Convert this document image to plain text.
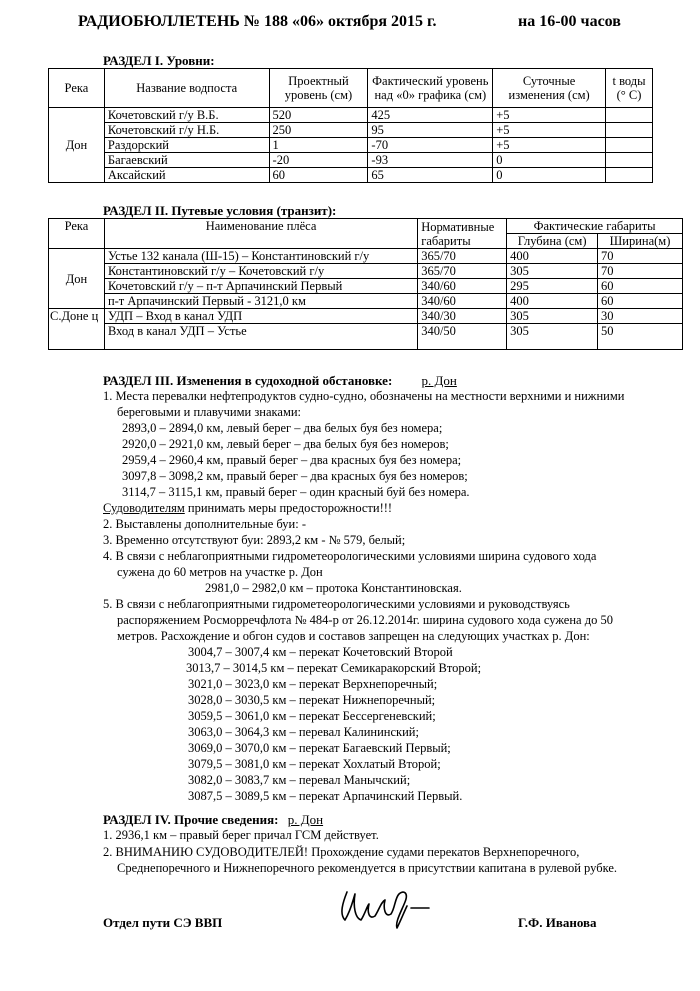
РАДИОБЮЛЛЕТЕНЬ № 188 «06» октября 2015 г.	на 16-00 часов
РАЗДЕЛ I. Уровни:
Река	Название водпоста	Проектный уровень (см)	Фактический уровень над «0» графика (см)	Суточные изменения (см)	t воды (° С)
Дон	Кочетовский г/у В.Б.	520	425	+5	
	Кочетовский г/у Н.Б.	250	95	+5	
	Раздорский	1	-70	+5	
	Багаевский	-20	-93	0	
	Аксайский	60	65	0	
РАЗДЕЛ II. Путевые условия (транзит):
Река	Наименование плёса	Нормативные габариты	Фактические габариты	
			Глубина (см)	Ширина(м)
Дон	Устье 132 канала (Ш-15) – Константиновский г/у	365/70	400	70
	Константиновский г/у – Кочетовский г/у	365/70	305	70
	Кочетовский г/у – п-т Арпачинский Первый	340/60	295	60
	п-т Арпачинский Первый - 3121,0 км	340/60	400	60
С.Доне ц	УДП – Вход в канал УДП	340/30	305	30
	Вход в канал УДП – Устье	340/50	305	50
РАЗДЕЛ III. Изменения в судоходной обстановке: р. Дон
1. Места перевалки нефтепродуктов судно-судно, обозначены на местности верхними и нижними
береговыми и плавучими знаками:
2893,0 – 2894,0 км, левый берег – два белых буя без номера;
2920,0 – 2921,0 км, левый берег – два белых буя без номеров;
2959,4 – 2960,4 км, правый берег – два красных буя без номера;
3097,8 – 3098,2 км, правый берег – два красных буя без номеров;
3114,7 – 3115,1 км, правый берег – один красный буй без номера.
Судоводителям принимать меры предосторожности!!!
2. Выставлены дополнительные буи: -
3. Временно отсутствуют буи: 2893,2 км - № 579, белый;
4. В связи с неблагоприятными гидрометеорологическими условиями ширина судового хода
сужена до 60 метров на участке р. Дон
2981,0 – 2982,0 км – протока Константиновская.
5. В связи с неблагоприятными гидрометеорологическими условиями и руководствуясь
распоряжением Росморречфлота № 484-р от 26.12.2014г. ширина судового хода сужена до 50
метров. Расхождение и обгон судов и составов запрещен на следующих участках р. Дон:
3004,7 – 3007,4 км – перекат Кочетовский Второй
3013,7 – 3014,5 км – перекат Семикаракорский Второй;
3021,0 – 3023,0 км – перекат Верхнепоречный;
3028,0 – 3030,5 км – перекат Нижнепоречный;
3059,5 – 3061,0 км – перекат Бессергеневский;
3063,0 – 3064,3 км – перевал Калининский;
3069,0 – 3070,0 км – перекат Багаевский Первый;
3079,5 – 3081,0 км – перекат Хохлатый Второй;
3082,0 – 3083,7 км – перевал Манычский;
3087,5 – 3089,5 км – перекат Арпачинский Первый.
РАЗДЕЛ IV. Прочие сведения: р. Дон
1. 2936,1 км – правый берег причал ГСМ действует.
2. ВНИМАНИЮ СУДОВОДИТЕЛЕЙ! Прохождение судами перекатов Верхнепоречного,
Среднепоречного и Нижнепоречного рекомендуется в присутствии капитана в рулевой рубке.
Отдел пути СЭ ВВП	Г.Ф. Иванова
